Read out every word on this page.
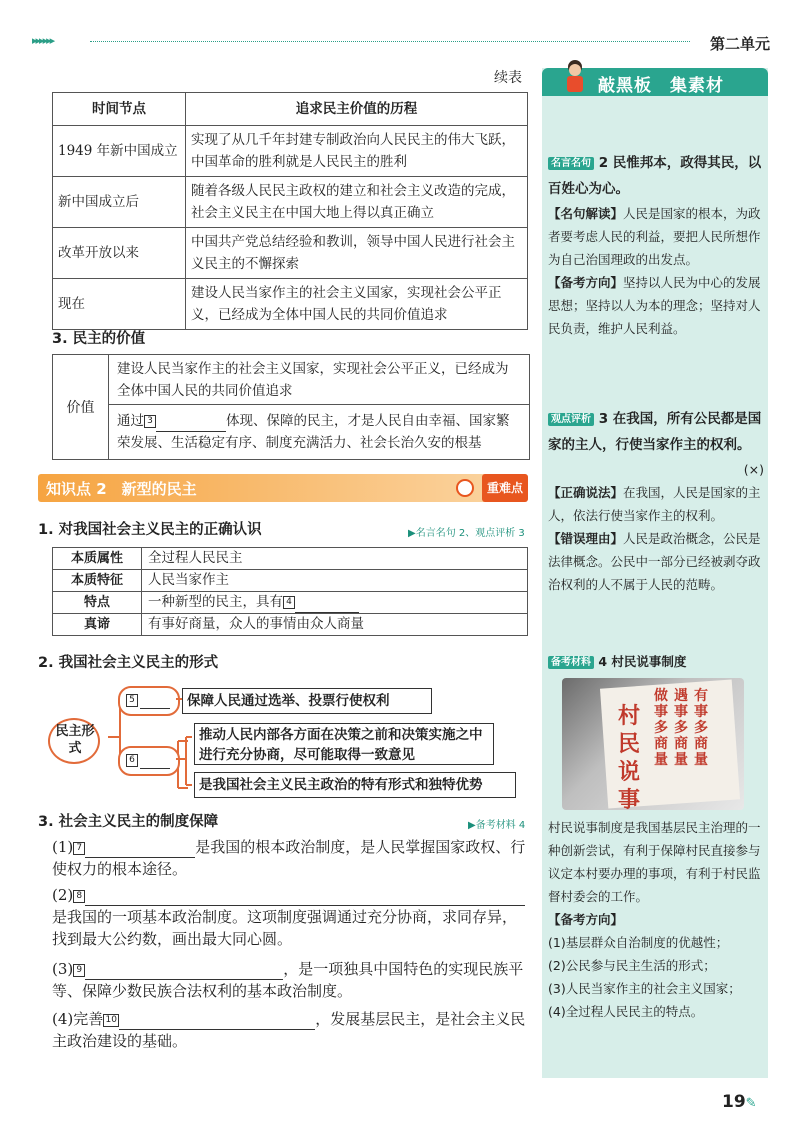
▸▸▸▸▸▸	第二单元
续表
时间节点	追求民主价值的历程
1949 年新中国成立	实现了从几千年封建专制政治向人民民主的伟大飞跃，中国革命的胜利就是人民民主的胜利
新中国成立后	随着各级人民民主政权的建立和社会主义改造的完成，社会主义民主在中国大地上得以真正确立
改革开放以来	中国共产党总结经验和教训，领导中国人民进行社会主义民主的不懈探索
现在	建设人民当家作主的社会主义国家，实现社会公平正义，已经成为全体中国人民的共同价值追求
3. 民主的价值
价值
建设人民当家作主的社会主义国家，实现社会公平正义，已经成为全体中国人民的共同价值追求
通过 3	体现、保障的民主，才是人民自由幸福、国家繁荣发展、生活稳定有序、制度充满活力、社会长治久安的根基
知识点 2　新型的民主	重难点
1. 对我国社会主义民主的正确认识	▶名言名句 2、观点评析 3
本质属性	全过程人民民主
本质特征	人民当家作主
特点	一种新型的民主，具有 4
真谛	有事好商量，众人的事情由众人商量
2. 我国社会主义民主的形式
民主形式
5
6
保障人民通过选举、投票行使权利
推动人民内部各方面在决策之前和决策实施之中进行充分协商，尽可能取得一致意见
是我国社会主义民主政治的特有形式和独特优势
3. 社会主义民主的制度保障	▶备考材料 4
(1) 7	是我国的根本政治制度，是人民掌握国家政权、行使权力的根本途径。
(2) 8
是我国的一项基本政治制度。这项制度强调通过充分协商，求同存异，找到最大公约数，画出最大同心圆。
(3) 9	，是一项独具中国特色的实现民族平等、保障少数民族合法权利的基本政治制度。
(4)完善 10	，发展基层民主，是社会主义民主政治建设的基础。
敲黑板　集素材
名言名句 2 民惟邦本，政得其民，以百姓心为心。
【名句解读】人民是国家的根本，为政者要考虑人民的利益，要把人民所想作为自己治国理政的出发点。
【备考方向】坚持以人民为中心的发展思想；坚持以人为本的理念；坚持对人民负责，维护人民利益。
观点评析 3 在我国，所有公民都是国家的主人，行使当家作主的权利。
(×)
【正确说法】在我国，人民是国家的主人，依法行使当家作主的权利。
【错误理由】人民是政治概念，公民是法律概念。公民中一部分已经被剥夺政治权利的人不属于人民的范畴。
备考材料 4 村民说事制度
村
民
说
事
做事多商量
遇事多商量
有事多商量
村民说事制度是我国基层民主治理的一种创新尝试，有利于保障村民直接参与议定本村要办理的事项，有利于村民监督村委会的工作。
【备考方向】
(1)基层群众自治制度的优越性；
(2)公民参与民主生活的形式；
(3)人民当家作主的社会主义国家；
(4)全过程人民民主的特点。
19✎
